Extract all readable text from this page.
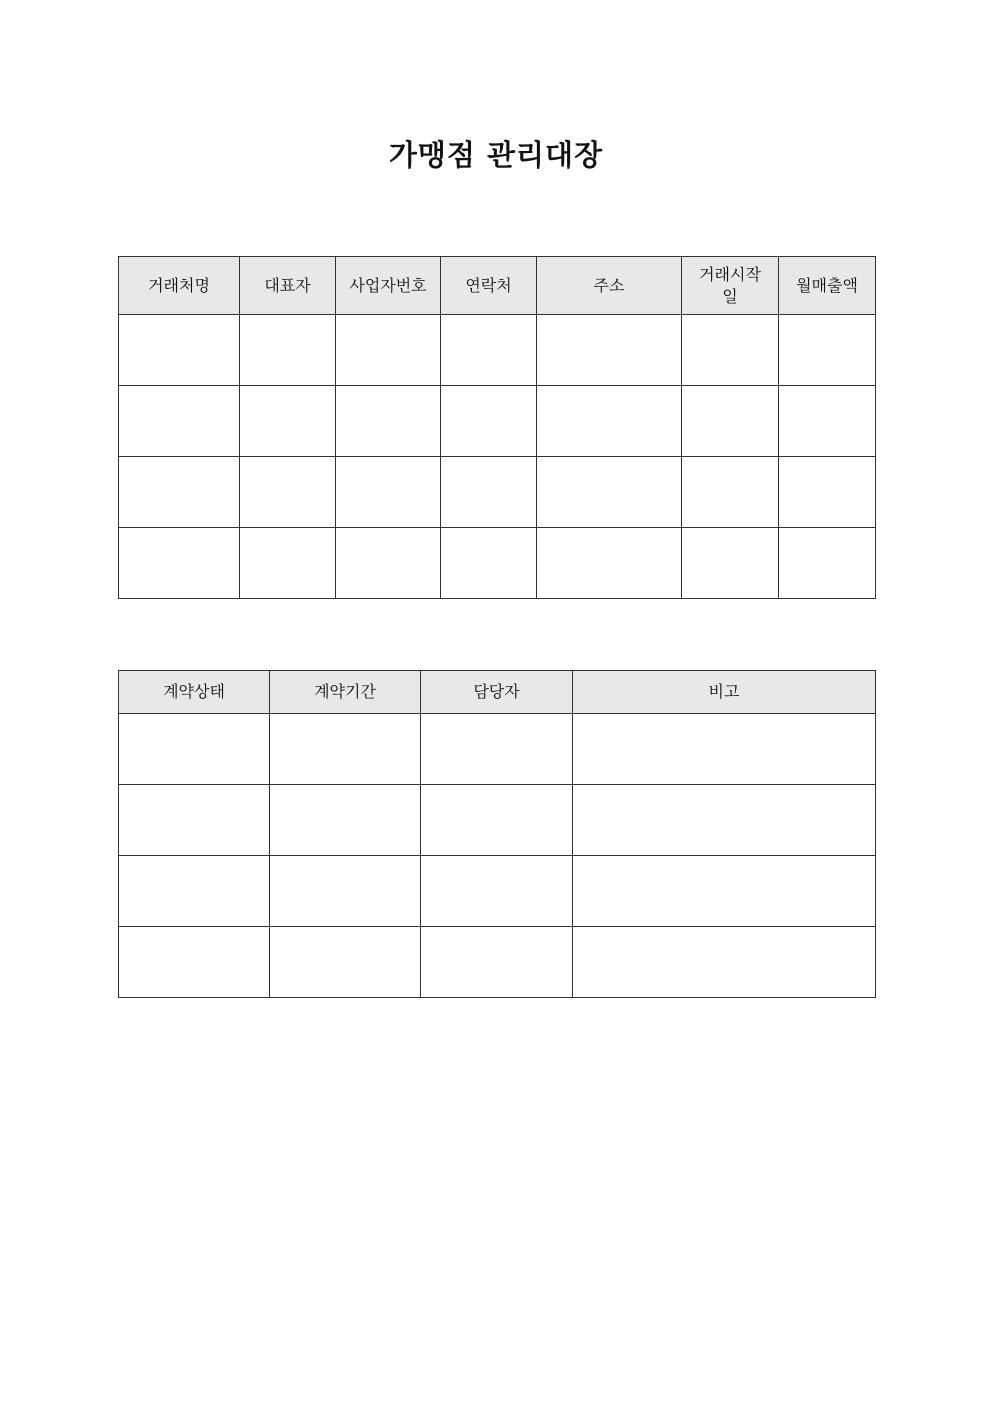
가맹점 관리대장
거래처명	대표자	사업자번호	연락처	주소	거래시작일	월매출액

계약상태	계약기간	담당자	비고
